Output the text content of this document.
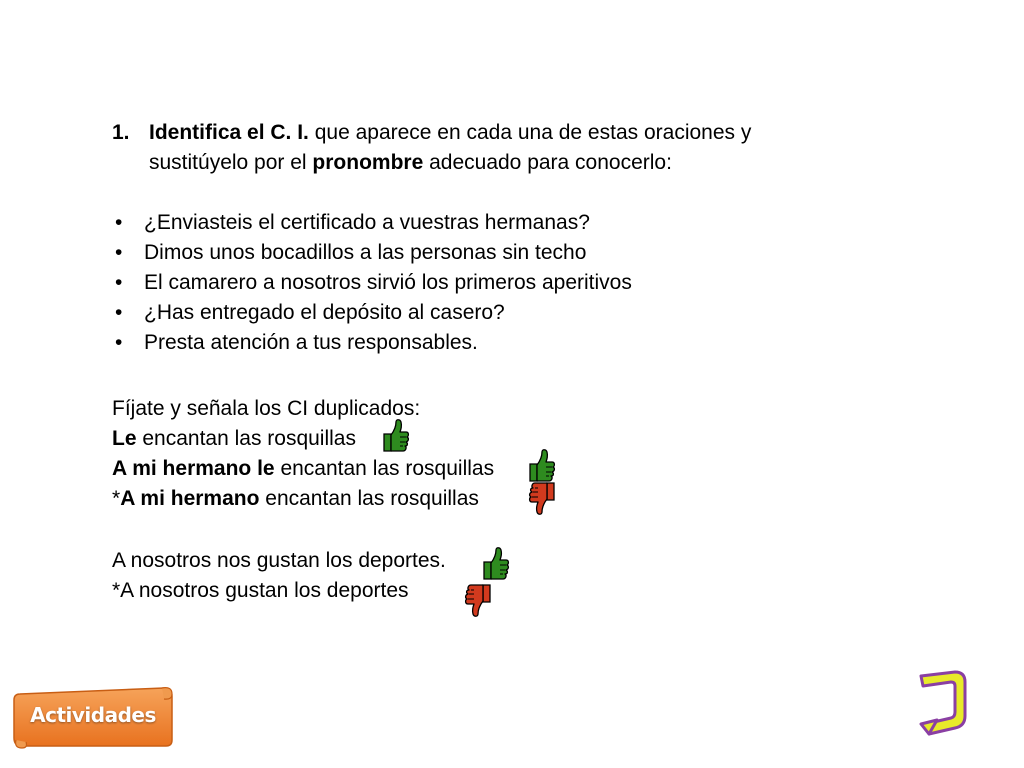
1. Identifica el C. I. que aparece en cada una de estas oraciones y
sustitúyelo por el pronombre adecuado para conocerlo:
• ¿Enviasteis el certificado a vuestras hermanas?
• Dimos unos bocadillos a las personas sin techo
• El camarero a nosotros sirvió los primeros aperitivos
• ¿Has entregado el depósito al casero?
• Presta atención a tus responsables.
Fíjate y señala los CI duplicados:
Le encantan las rosquillas
A mi hermano le encantan las rosquillas
*A mi hermano encantan las rosquillas
A nosotros nos gustan los deportes.
*A nosotros gustan los deportes
Actividades
